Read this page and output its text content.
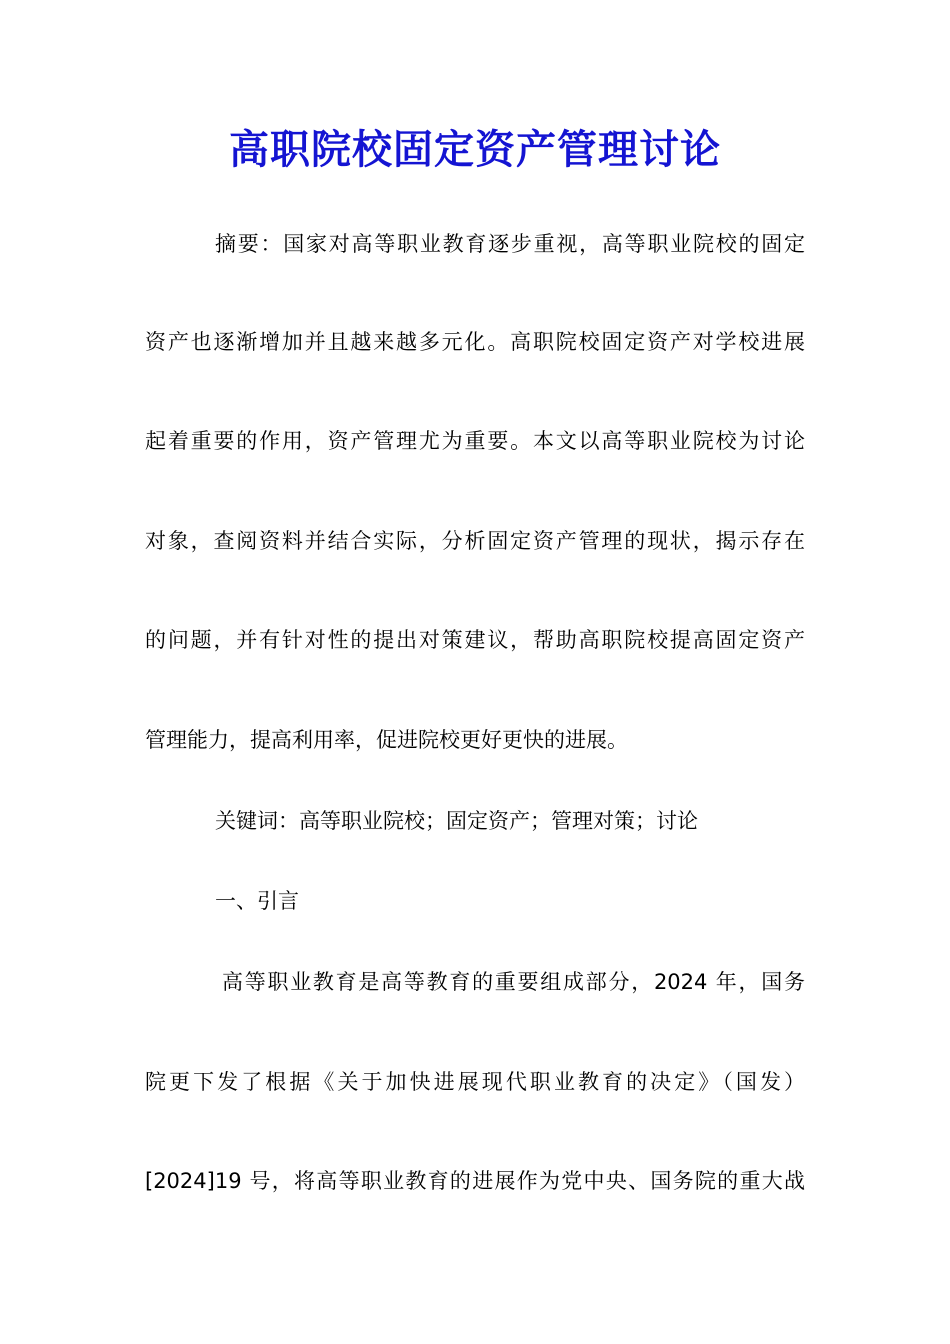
高职院校固定资产管理讨论
摘要：国家对高等职业教育逐步重视，高等职业院校的固定
资产也逐渐增加并且越来越多元化。高职院校固定资产对学校进展
起着重要的作用，资产管理尤为重要。本文以高等职业院校为讨论
对象，查阅资料并结合实际，分析固定资产管理的现状，揭示存在
的问题，并有针对性的提出对策建议，帮助高职院校提高固定资产
管理能力，提高利用率，促进院校更好更快的进展。
关键词：高等职业院校；固定资产；管理对策；讨论
一、引言
高等职业教育是高等教育的重要组成部分，2024 年，国务
院更下发了根据《关于加快进展现代职业教育的决定》（国发）
[2024]19 号，将高等职业教育的进展作为党中央、国务院的重大战
